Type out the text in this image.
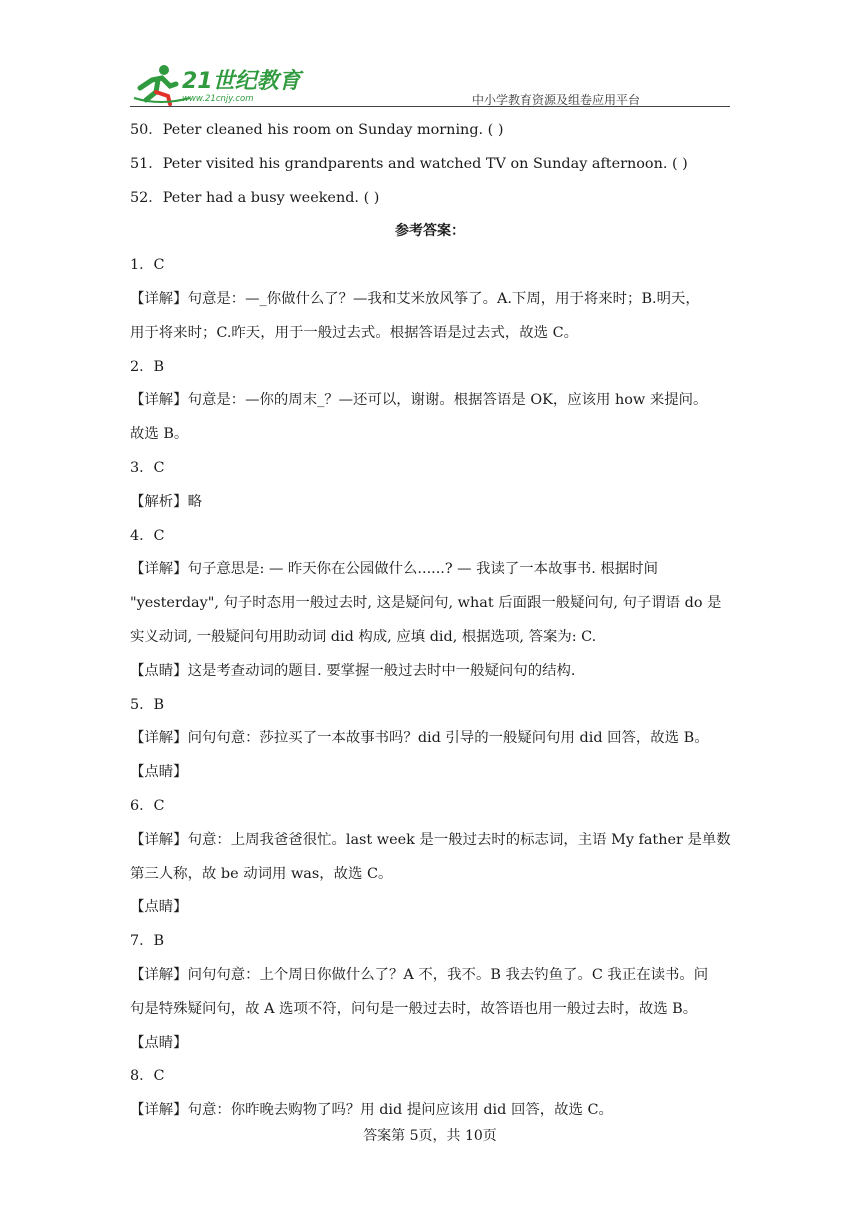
21世纪教育
www.21cnjy.com	中小学教育资源及组卷应用平台
50．Peter cleaned his room on Sunday morning. ( )
51．Peter visited his grandparents and watched TV on Sunday afternoon. ( )
52．Peter had a busy weekend. ( )
参考答案：
1．C
【详解】句意是：—_你做什么了？—我和艾米放风筝了。A.下周，用于将来时；B.明天，
用于将来时；C.昨天，用于一般过去式。根据答语是过去式，故选 C。
2．B
【详解】句意是：—你的周末_？—还可以，谢谢。根据答语是 OK，应该用 how 来提问。
故选 B。
3．C
【解析】略
4．C
【详解】句子意思是: — 昨天你在公园做什么......? — 我读了一本故事书. 根据时间
"yesterday", 句子时态用一般过去时, 这是疑问句, what 后面跟一般疑问句, 句子谓语 do 是
实义动词, 一般疑问句用助动词 did 构成, 应填 did, 根据选项, 答案为: C.
【点睛】这是考查动词的题目. 要掌握一般过去时中一般疑问句的结构.
5．B
【详解】问句句意：莎拉买了一本故事书吗？did 引导的一般疑问句用 did 回答，故选 B。
【点睛】
6．C
【详解】句意：上周我爸爸很忙。last week 是一般过去时的标志词，主语 My father 是单数
第三人称，故 be 动词用 was，故选 C。
【点睛】
7．B
【详解】问句句意：上个周日你做什么了？A 不，我不。B 我去钓鱼了。C 我正在读书。问
句是特殊疑问句，故 A 选项不符，问句是一般过去时，故答语也用一般过去时，故选 B。
【点睛】
8．C
【详解】句意：你昨晚去购物了吗？用 did 提问应该用 did 回答，故选 C。
答案第 5页，共 10页
